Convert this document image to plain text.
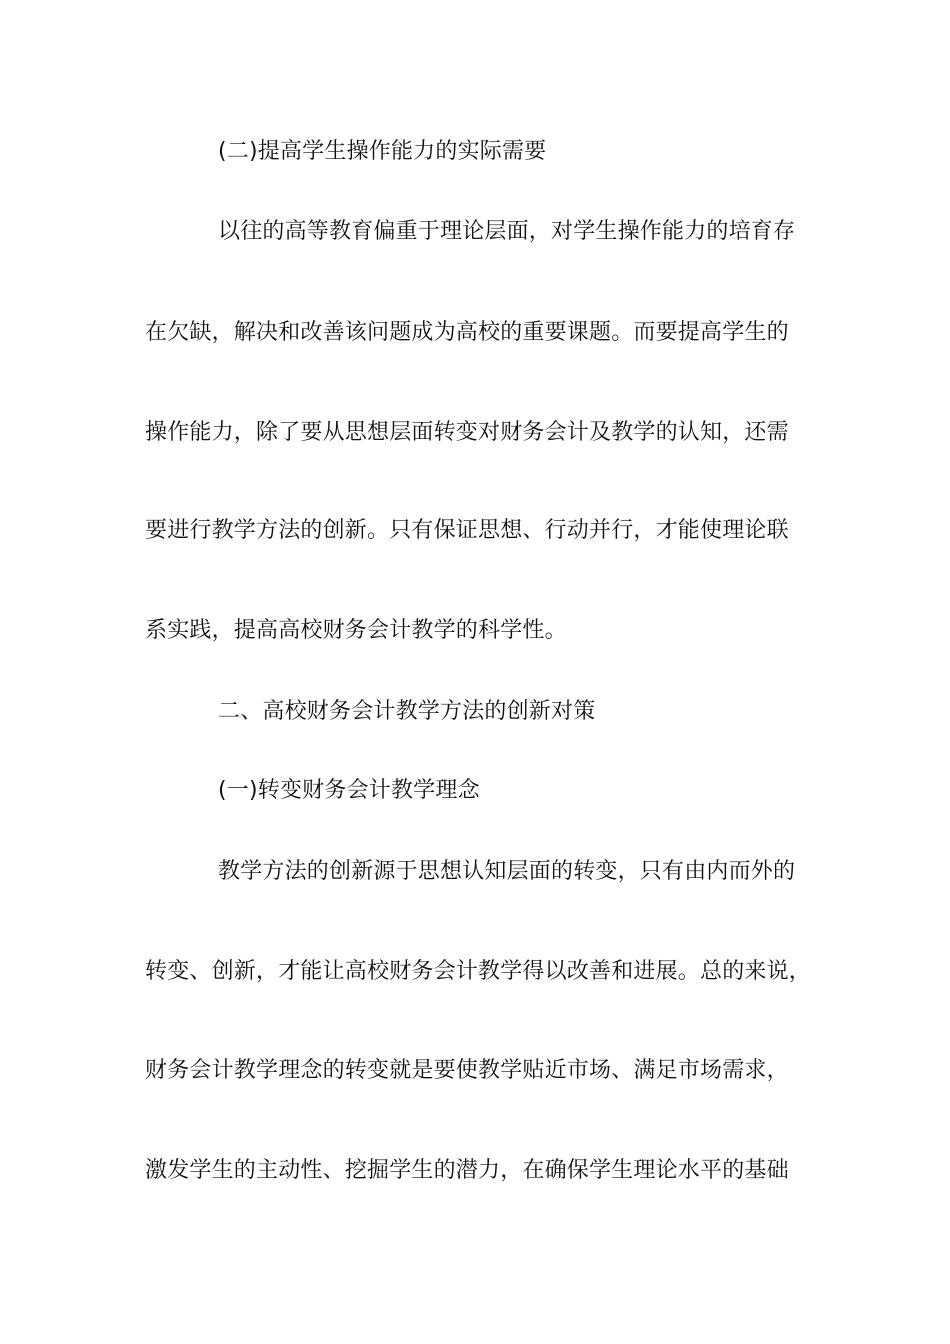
(二)提高学生操作能力的实际需要
以往的高等教育偏重于理论层面，对学生操作能力的培育存
在欠缺，解决和改善该问题成为高校的重要课题。而要提高学生的
操作能力，除了要从思想层面转变对财务会计及教学的认知，还需
要进行教学方法的创新。只有保证思想、行动并行，才能使理论联
系实践，提高高校财务会计教学的科学性。
二、高校财务会计教学方法的创新对策
(一)转变财务会计教学理念
教学方法的创新源于思想认知层面的转变，只有由内而外的
转变、创新，才能让高校财务会计教学得以改善和进展。总的来说，
财务会计教学理念的转变就是要使教学贴近市场、满足市场需求，
激发学生的主动性、挖掘学生的潜力，在确保学生理论水平的基础
